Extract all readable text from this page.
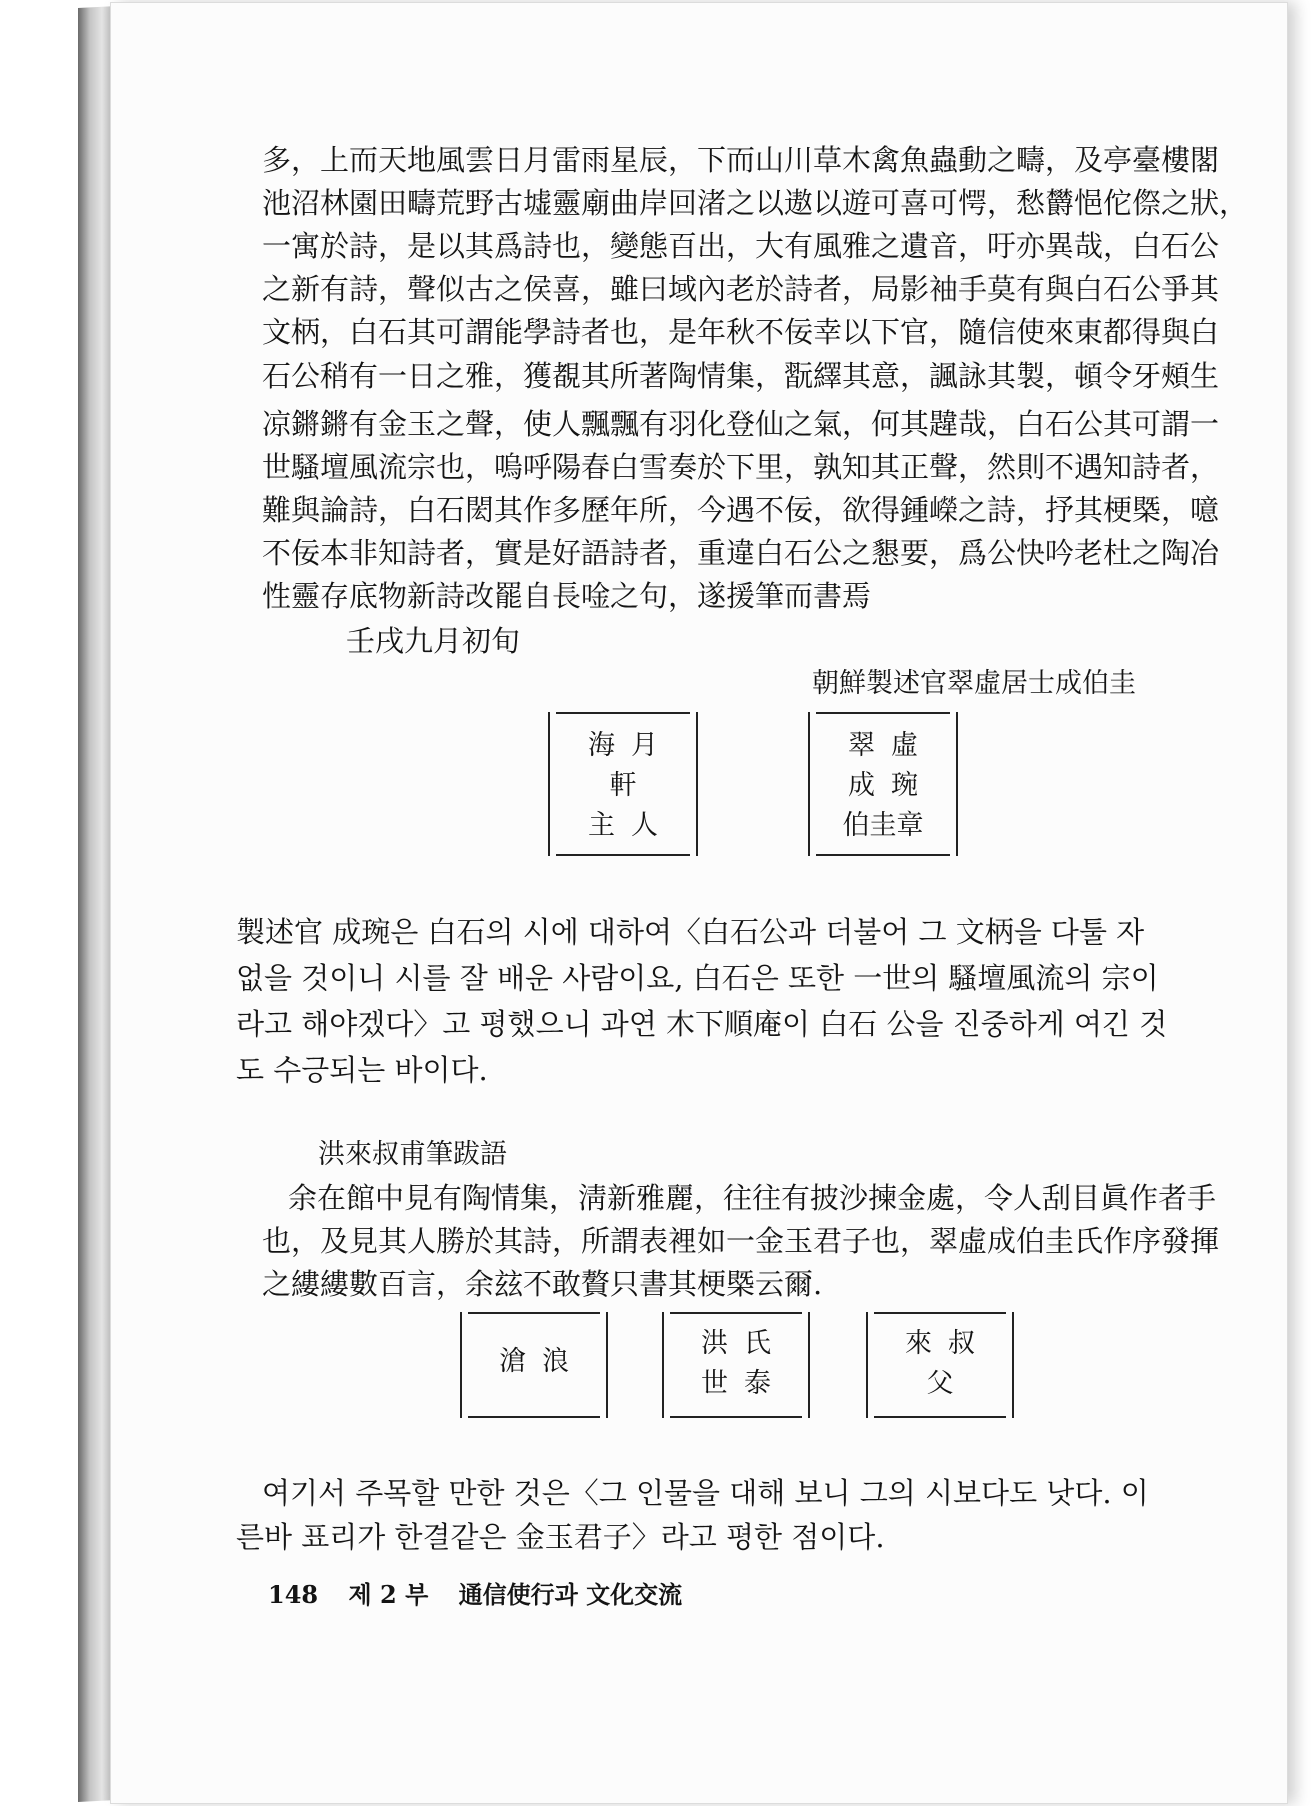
多，上而天地風雲日月雷雨星辰，下而山川草木禽魚蟲動之疇，及亭臺樓閣
池沼林園田疇荒野古墟靈廟曲岸回渚之以遨以遊可喜可愕，愁欝悒佗傺之狀，
一寓於詩，是以其爲詩也，變態百出，大有風雅之遺音，吁亦異哉，白石公
之新有詩，聲似古之侯喜，雖曰域內老於詩者，局影袖手莫有與白石公爭其
文柄，白石其可謂能學詩者也，是年秋不佞幸以下官，隨信使來東都得與白
石公稍有一日之雅，獲覩其所著陶情集，翫繹其意，諷詠其製，頓令牙頰生
凉鏘鏘有金玉之聲，使人飄飄有羽化登仙之氣，何其韙哉，白石公其可謂一
世騷壇風流宗也，嗚呼陽春白雪奏於下里，孰知其正聲，然則不遇知詩者，
難與論詩，白石閎其作多歷年所，今遇不佞，欲得鍾嶸之詩，抒其梗槩，噫
不佞本非知詩者，實是好語詩者，重違白石公之懇要，爲公快吟老杜之陶冶
性靈存底物新詩改罷自長唫之句，遂援筆而書焉
壬戌九月初旬
朝鮮製述官翠虛居士成伯圭
海月
軒
主人
翠虛
成琬
伯圭章
製述官 成琬은 白石의 시에 대하여〈白石公과 더불어 그 文柄을 다툴 자
없을 것이니 시를 잘 배운 사람이요, 白石은 또한 一世의 騷壇風流의 宗이
라고 해야겠다〉고 평했으니 과연 木下順庵이 白石 公을 진중하게 여긴 것
도 수긍되는 바이다.
洪來叔甫筆跋語
余在館中見有陶情集，淸新雅麗，往往有披沙揀金處，令人刮目眞作者手
也，及見其人勝於其詩，所謂表裡如一金玉君子也，翠虛成伯圭氏作序發揮
之縷縷數百言，余玆不敢贅只書其梗槩云爾.
滄浪
洪氏
世泰
來叔
父
여기서 주목할 만한 것은〈그 인물을 대해 보니 그의 시보다도 낫다. 이
른바 표리가 한결같은 金玉君子〉라고 평한 점이다.
148 제 2 부 通信使行과 文化交流
